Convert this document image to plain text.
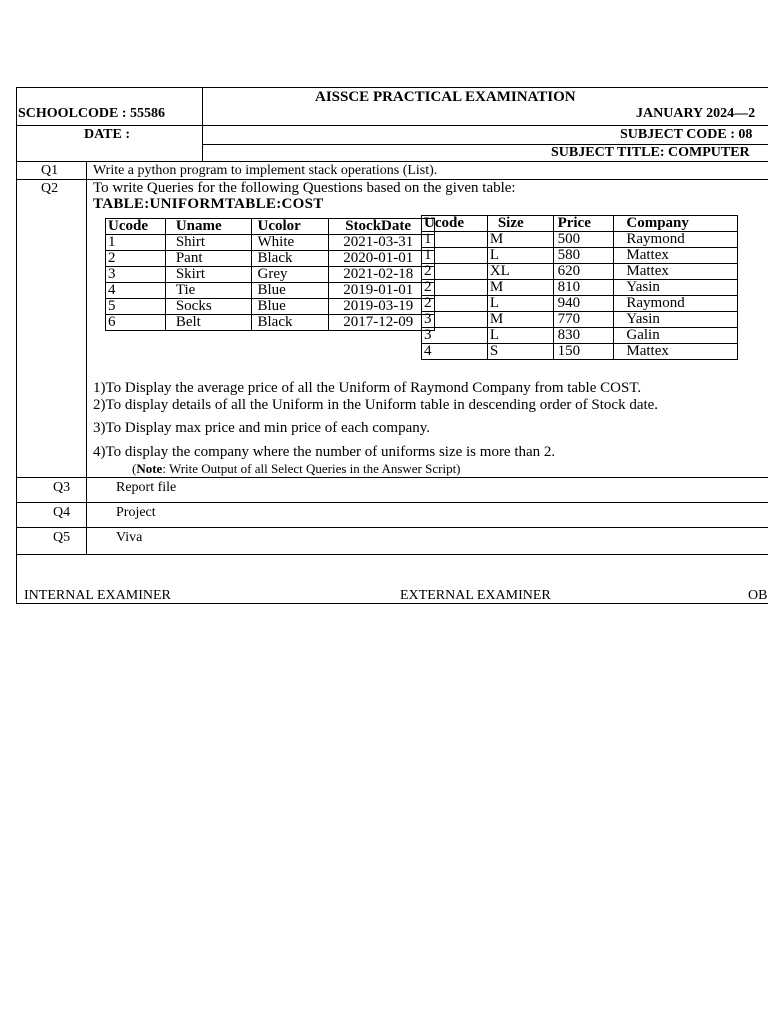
AISSCE PRACTICAL EXAMINATION
SCHOOLCODE : 55586	JANUARY 2024—2
DATE :	SUBJECT CODE : 08
SUBJECT TITLE: COMPUTER
Q1 Write a python program to implement stack operations (List).
Q2 To write Queries for the following Questions based on the given table:
TABLE:UNIFORMTABLE:COST
Ucode	Uname	Ucolor	StockDate
1	Shirt	White	2021-03-31
2	Pant	Black	2020-01-01
3	Skirt	Grey	2021-02-18
4	Tie	Blue	2019-01-01
5	Socks	Blue	2019-03-19
6	Belt	Black	2017-12-09
Ucode	Size	Price	Company
1	M	500	Raymond
1	L	580	Mattex
2	XL	620	Mattex
2	M	810	Yasin
2	L	940	Raymond
3	M	770	Yasin
3	L	830	Galin
4	S	150	Mattex
1)To Display the average price of all the Uniform of Raymond Company from table COST.
2)To display details of all the Uniform in the Uniform table in descending order of Stock date.
3)To Display max price and min price of each company.
4)To display the company where the number of uniforms size is more than 2.
(Note: Write Output of all Select Queries in the Answer Script)
Q3	Report file
Q4	Project
Q5	Viva
INTERNAL EXAMINER	EXTERNAL EXAMINER	OB
